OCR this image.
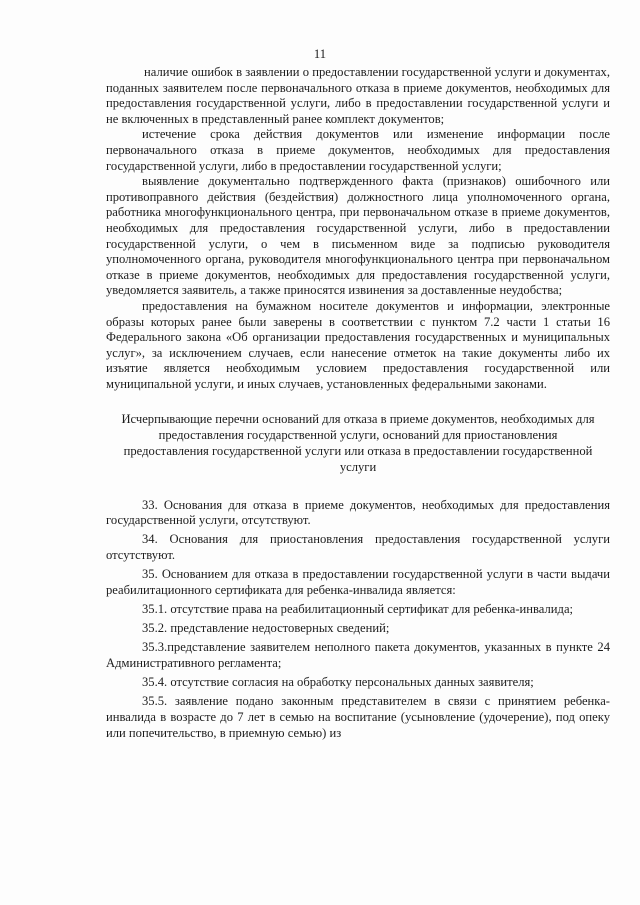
11

наличие ошибок в заявлении о предоставлении государственной услуги и документах, поданных заявителем после первоначального отказа в приеме документов, необходимых для предоставления государственной услуги, либо в предоставлении государственной услуги и не включенных в представленный ранее комплект документов;

истечение срока действия документов или изменение информации после первоначального отказа в приеме документов, необходимых для предоставления государственной услуги, либо в предоставлении государственной услуги;

выявление документально подтвержденного факта (признаков) ошибочного или противоправного действия (бездействия) должностного лица уполномоченного органа, работника многофункционального центра, при первоначальном отказе в приеме документов, необходимых для предоставления государственной услуги, либо в предоставлении государственной услуги, о чем в письменном виде за подписью руководителя уполномоченного органа, руководителя многофункционального центра при первоначальном отказе в приеме документов, необходимых для предоставления государственной услуги, уведомляется заявитель, а также приносятся извинения за доставленные неудобства;

предоставления на бумажном носителе документов и информации, электронные образы которых ранее были заверены в соответствии с пунктом 7.2 части 1 статьи 16 Федерального закона «Об организации предоставления государственных и муниципальных услуг», за исключением случаев, если нанесение отметок на такие документы либо их изъятие является необходимым условием предоставления государственной или муниципальной услуги, и иных случаев, установленных федеральными законами.

Исчерпывающие перечни оснований для отказа в приеме документов, необходимых для предоставления государственной услуги, оснований для приостановления предоставления государственной услуги или отказа в предоставлении государственной услуги

33. Основания для отказа в приеме документов, необходимых для предоставления государственной услуги, отсутствуют.

34. Основания для приостановления предоставления государственной услуги отсутствуют.

35. Основанием для отказа в предоставлении государственной услуги в части выдачи реабилитационного сертификата для ребенка-инвалида является:

35.1. отсутствие права на реабилитационный сертификат для ребенка-инвалида;

35.2. представление недостоверных сведений;

35.3.представление заявителем неполного пакета документов, указанных в пункте 24 Административного регламента;

35.4. отсутствие согласия на обработку персональных данных заявителя;

35.5. заявление подано законным представителем в связи с принятием ребенка-инвалида в возрасте до 7 лет в семью на воспитание (усыновление (удочерение), под опеку или попечительство, в приемную семью) из
